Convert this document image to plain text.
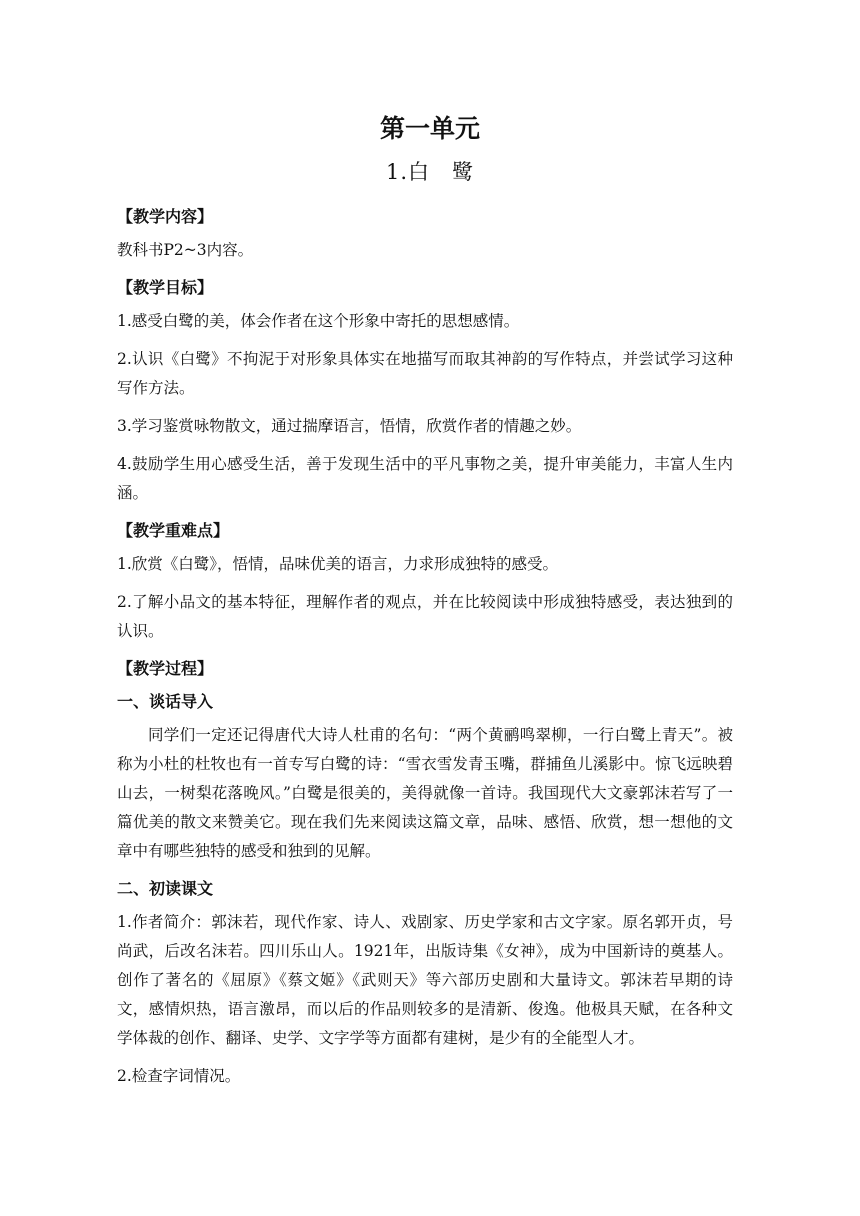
第一单元
1.白　鹭
【教学内容】
教科书P2~3内容。
【教学目标】
1.感受白鹭的美，体会作者在这个形象中寄托的思想感情。
2.认识《白鹭》不拘泥于对形象具体实在地描写而取其神韵的写作特点，并尝试学习这种写作方法。
3.学习鉴赏咏物散文，通过揣摩语言，悟情，欣赏作者的情趣之妙。
4.鼓励学生用心感受生活，善于发现生活中的平凡事物之美，提升审美能力，丰富人生内涵。
【教学重难点】
1.欣赏《白鹭》，悟情，品味优美的语言，力求形成独特的感受。
2.了解小品文的基本特征，理解作者的观点，并在比较阅读中形成独特感受，表达独到的认识。
【教学过程】
一、谈话导入
同学们一定还记得唐代大诗人杜甫的名句：“两个黄鹂鸣翠柳，一行白鹭上青天”。被称为小杜的杜牧也有一首专写白鹭的诗：“雪衣雪发青玉嘴，群捕鱼儿溪影中。惊飞远映碧山去，一树梨花落晚风。”白鹭是很美的，美得就像一首诗。我国现代大文豪郭沫若写了一篇优美的散文来赞美它。现在我们先来阅读这篇文章，品味、感悟、欣赏，想一想他的文章中有哪些独特的感受和独到的见解。
二、初读课文
1.作者简介：郭沫若，现代作家、诗人、戏剧家、历史学家和古文字家。原名郭开贞，号尚武，后改名沫若。四川乐山人。1921年，出版诗集《女神》，成为中国新诗的奠基人。创作了著名的《屈原》《蔡文姬》《武则天》等六部历史剧和大量诗文。郭沫若早期的诗文，感情炽热，语言激昂，而以后的作品则较多的是清新、俊逸。他极具天赋，在各种文学体裁的创作、翻译、史学、文字学等方面都有建树，是少有的全能型人才。
2.检查字词情况。
